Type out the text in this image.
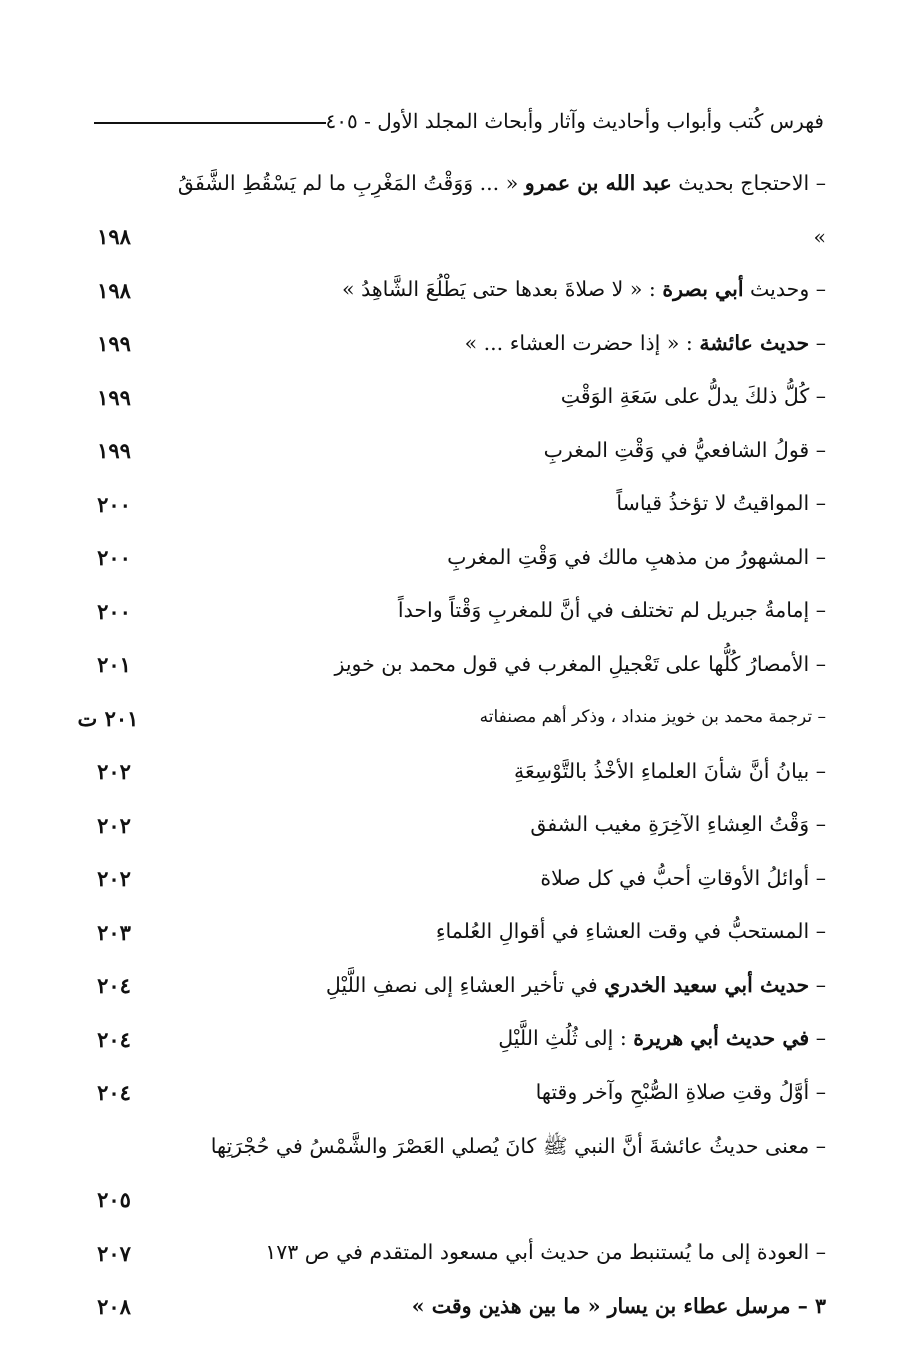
فهرس كُتب وأبواب وأحاديث وآثار وأبحاث المجلد الأول - ٤٠٥
– الاحتجاج بحديث عبد الله بن عمرو « ... وَوَقْتُ المَغْرِبِ ما لم يَسْقُطِ الشَّفَقُ »
١٩٨
– وحديث أبي بصرة : « لا صلاةَ بعدها حتى يَطْلُعَ الشَّاهِدُ »
١٩٨
– حديث عائشة : « إذا حضرت العشاء ... »
١٩٩
– كُلُّ ذلكَ يدلُّ على سَعَةِ الوَقْتِ
١٩٩
– قولُ الشافعيُّ في وَقْتِ المغربِ
١٩٩
– المواقيتُ لا تؤخذُ قياساً
٢٠٠
– المشهورُ من مذهبِ مالك في وَقْتِ المغربِ
٢٠٠
– إمامةُ جبريل لم تختلف في أنَّ للمغربِ وَقْتاً واحداً
٢٠٠
– الأمصارُ كُلُّها على تَعْجيلِ المغرب في قول محمد بن خويز
٢٠١
– ترجمة محمد بن خويز منداد ، وذكر أهم مصنفاته
٢٠١ ت
– بيانُ أنَّ شأنَ العلماءِ الأخْذُ بالتَّوْسِعَةِ
٢٠٢
– وَقْتُ العِشاءِ الآخِرَةِ مغيب الشفق
٢٠٢
– أوائلُ الأوقاتِ أحبُّ في كل صلاة
٢٠٢
– المستحبُّ في وقت العشاءِ في أقوالِ العُلماءِ
٢٠٣
– حديث أبي سعيد الخدري في تأخير العشاءِ إلى نصفِ اللَّيْلِ
٢٠٤
– في حديث أبي هريرة : إلى ثُلُثِ اللَّيْلِ
٢٠٤
– أوَّلُ وقتِ صلاةِ الصُّبْحِ وآخر وقتها
٢٠٤
– معنى حديثُ عائشةَ أنَّ النبي ﷺ كانَ يُصلي العَصْرَ والشَّمْسُ في حُجْرَتِها
٢٠٥
– العودة إلى ما يُستنبط من حديث أبي مسعود المتقدم في ص ١٧٣
٢٠٧
٣ – مرسل عطاء بن يسار « ما بين هذين وقت »
٢٠٨
